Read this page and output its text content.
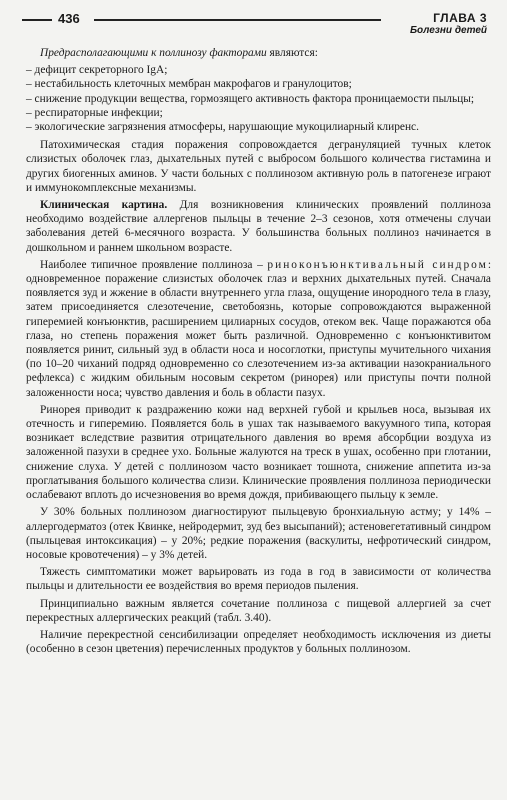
436	ГЛАВА 3
Болезни детей

Предрасполагающими к поллинозу факторами являются:

– дефицит секреторного IgA;

– нестабильность клеточных мембран макрофагов и гранулоцитов;

– снижение продукции вещества, гормозящего активность фактора проницаемости пыльцы;

– респираторные инфекции;

– экологические загрязнения атмосферы, нарушающие мукоцилиарный клиренс.

Патохимическая стадия поражения сопровождается дегрануляцией тучных клеток слизистых оболочек глаз, дыхательных путей с выбросом большого количества гистамина и других биогенных аминов. У части больных с поллинозом активную роль в патогенезе играют и иммунокомплексные механизмы.

Клиническая картина. Для возникновения клинических проявлений поллиноза необходимо воздействие аллергенов пыльцы в течение 2–3 сезонов, хотя отмечены случаи заболевания детей 6-месячного возраста. У большинства больных поллиноз начинается в дошкольном и раннем школьном возрасте.

Наиболее типичное проявление поллиноза – риноконъюнктивальный синдром: одновременное поражение слизистых оболочек глаз и верхних дыхательных путей. Сначала появляется зуд и жжение в области внутреннего угла глаза, ощущение инородного тела в глазу, затем присоединяется слезотечение, светобоязнь, которые сопровождаются выраженной гиперемией конъюнктив, расширением цилиарных сосудов, отеком век. Чаще поражаются оба глаза, но степень поражения может быть различной. Одновременно с конъюнктивитом появляется ринит, сильный зуд в области носа и носоглотки, приступы мучительного чихания (по 10–20 чиханий подряд одновременно со слезотечением из-за активации назокраниального рефлекса) с жидким обильным носовым секретом (ринорея) или приступы почти полной заложенности носа; чувство давления и боль в области пазух.

Ринорея приводит к раздражению кожи над верхней губой и крыльев носа, вызывая их отечность и гиперемию. Появляется боль в ушах так называемого вакуумного типа, которая возникает вследствие развития отрицательного давления во время абсорбции воздуха из заложенной пазухи в среднее ухо. Больные жалуются на треск в ушах, особенно при глотании, снижение слуха. У детей с поллинозом часто возникает тошнота, снижение аппетита из-за проглатывания большого количества слизи. Клинические проявления поллиноза периодически ослабевают вплоть до исчезновения во время дождя, прибивающего пыльцу к земле.

У 30% больных поллинозом диагностируют пыльцевую бронхиальную астму; у 14% – аллергодерматоз (отек Квинке, нейродермит, зуд без высыпаний); астеновегетативный синдром (пыльцевая интоксикация) – у 20%; редкие поражения (васкулиты, нефротический синдром, носовые кровотечения) – у 3% детей.

Тяжесть симптоматики может варьировать из года в год в зависимости от количества пыльцы и длительности ее воздействия во время периодов пыления.

Принципиально важным является сочетание поллиноза с пищевой аллергией за счет перекрестных аллергических реакций (табл. 3.40).

Наличие перекрестной сенсибилизации определяет необходимость исключения из диеты (особенно в сезон цветения) перечисленных продуктов у больных поллинозом.
